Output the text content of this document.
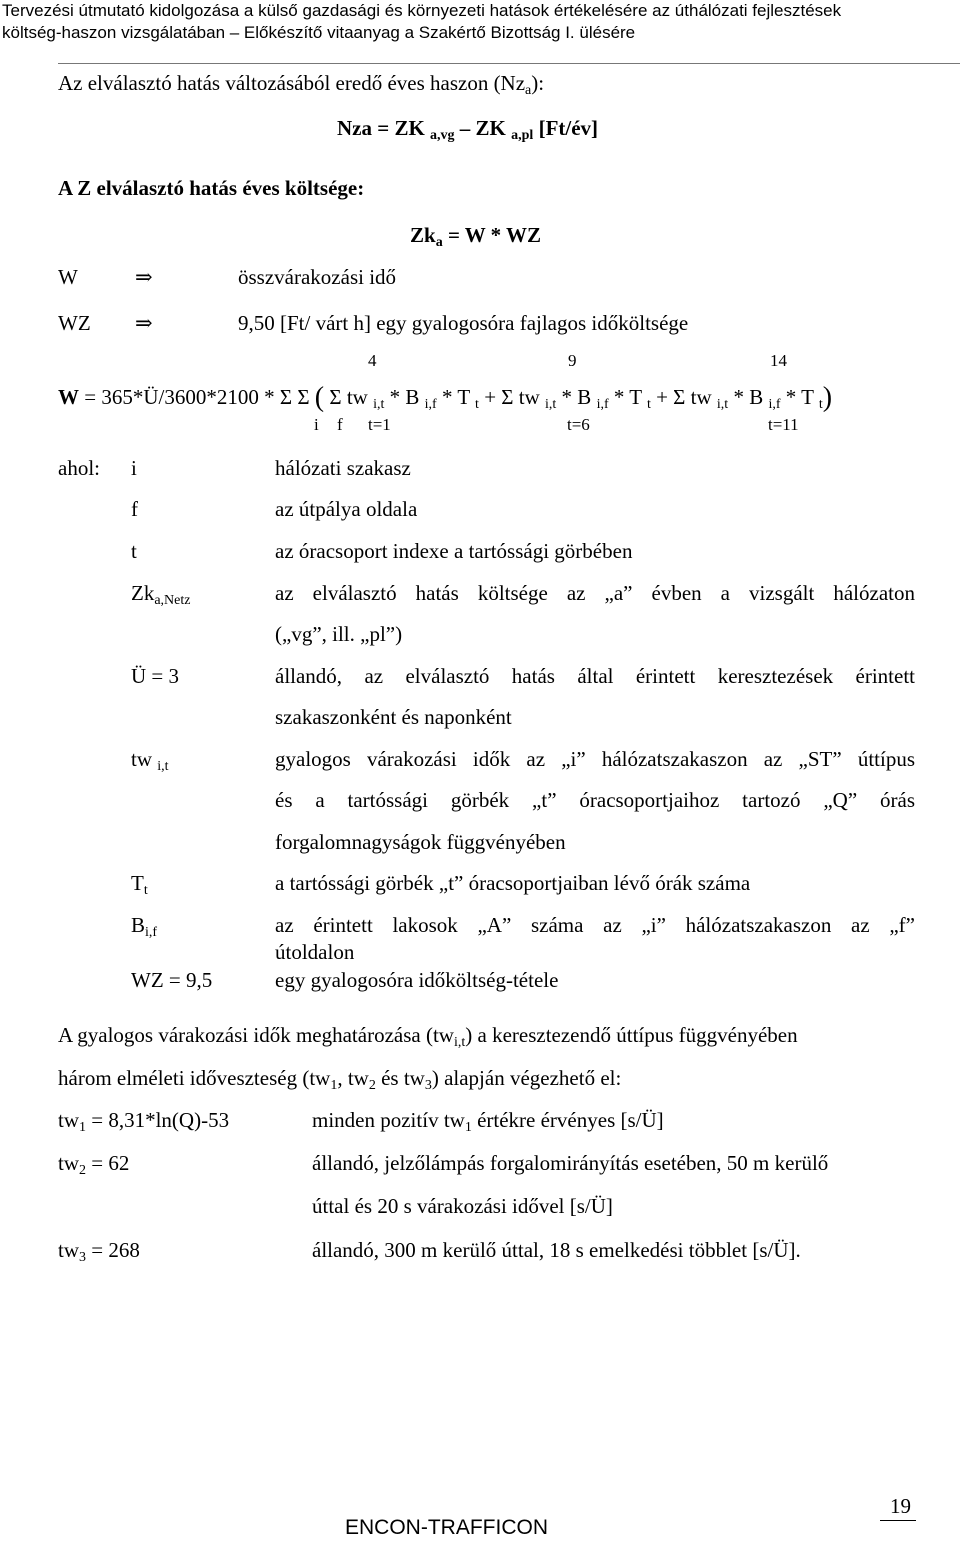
Tervezési útmutató kidolgozása a külső gazdasági és környezeti hatások értékelésére az úthálózati fejlesztések
költség-haszon vizsgálatában – Előkészítő vitaanyag a Szakértő Bizottság I. ülésére
Az elválasztó hatás változásából eredő éves haszon (Nza):
Nza = ZK a,vg – ZK a,pl [Ft/év]
A Z elválasztó hatás éves költsége:
Zka = W * WZ
W	⇒	összvárakozási idő
WZ ⇒	9,50 [Ft/ várt h] egy gyalogosóra fajlagos időköltsége
4	9	14
W = 365*Ü/3600*2100 * Σ Σ ( Σ tw i,t * B i,f * T t + Σ tw i,t * B i,f * T t + Σ tw i,t * B i,f * T t)
i f t=1	t=6	t=11
ahol: i	hálózati szakasz
f	az útpálya oldala
t	az óracsoport indexe a tartóssági görbében
Zka,Netz	az elválasztó hatás költsége az „a” évben a vizsgált hálózaton
(„vg”, ill. „pl”)
Ü = 3	állandó, az elválasztó hatás által érintett keresztezések érintett
szakaszonként és naponként
tw i,t	gyalogos várakozási idők az „i” hálózatszakaszon az „ST” úttípus
és a tartóssági görbék „t” óracsoportjaihoz tartozó „Q” órás
forgalomnagyságok függvényében
Tt	a tartóssági görbék „t” óracsoportjaiban lévő órák száma
Bi,f	az érintett lakosok „A” száma az „i” hálózatszakaszon az „f”
útoldalon
WZ = 9,5	egy gyalogosóra időköltség-tétele
A gyalogos várakozási idők meghatározása (twi,t) a keresztezendő úttípus függvényében
három elméleti időveszteség (tw1, tw2 és tw3) alapján végezhető el:
tw1 = 8,31*ln(Q)-53	minden pozitív tw1 értékre érvényes [s/Ü]
tw2 = 62	állandó, jelzőlámpás forgalomirányítás esetében, 50 m kerülő
úttal és 20 s várakozási idővel [s/Ü]
tw3 = 268	állandó, 300 m kerülő úttal, 18 s emelkedési többlet [s/Ü].
19
ENCON-TRAFFICON
